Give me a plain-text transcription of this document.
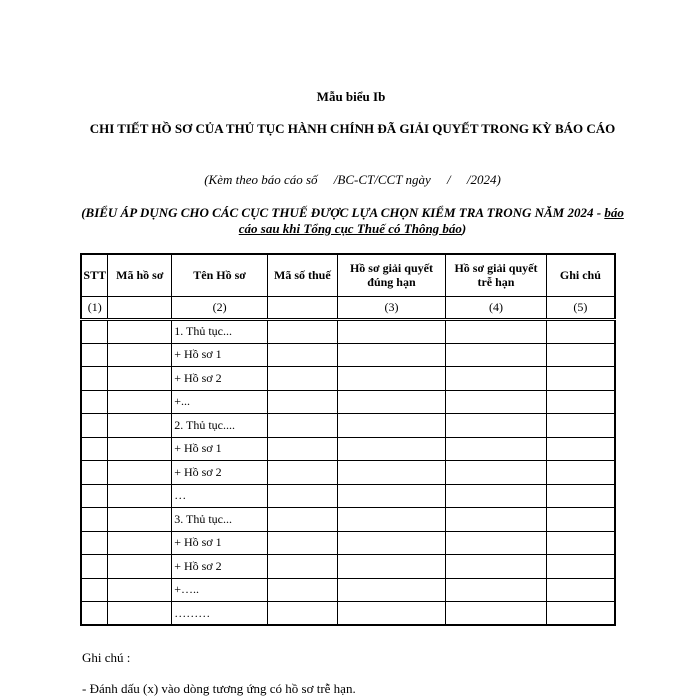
Mẫu biểu Ib
CHI TIẾT HỒ SƠ CỦA THỦ TỤC HÀNH CHÍNH ĐÃ GIẢI QUYẾT TRONG KỲ BÁO CÁO
(Kèm theo báo cáo số     /BC-CT/CCT ngày     /     /2024)
(BIỂU ÁP DỤNG CHO CÁC CỤC THUẾ ĐƯỢC LỰA CHỌN KIỂM TRA TRONG NĂM 2024 - báo cáo sau khi Tổng cục Thuế có Thông báo)
STT	Mã hồ sơ	Tên Hồ sơ	Mã số thuế	Hồ sơ giải quyết đúng hạn	Hồ sơ giải quyết trễ hạn	Ghi chú
(1)		(2)		(3)	(4)	(5)
		1. Thủ tục...				
		+ Hồ sơ 1				
		+ Hồ sơ 2				
		+...				
		2. Thủ tục....				
		+ Hồ sơ 1				
		+ Hồ sơ 2				
		…				
		3. Thủ tục...				
		+ Hồ sơ 1				
		+ Hồ sơ 2				
		+…..				
		………				
Ghi chú :
- Đánh dấu (x) vào dòng tương ứng có hồ sơ trễ hạn.
